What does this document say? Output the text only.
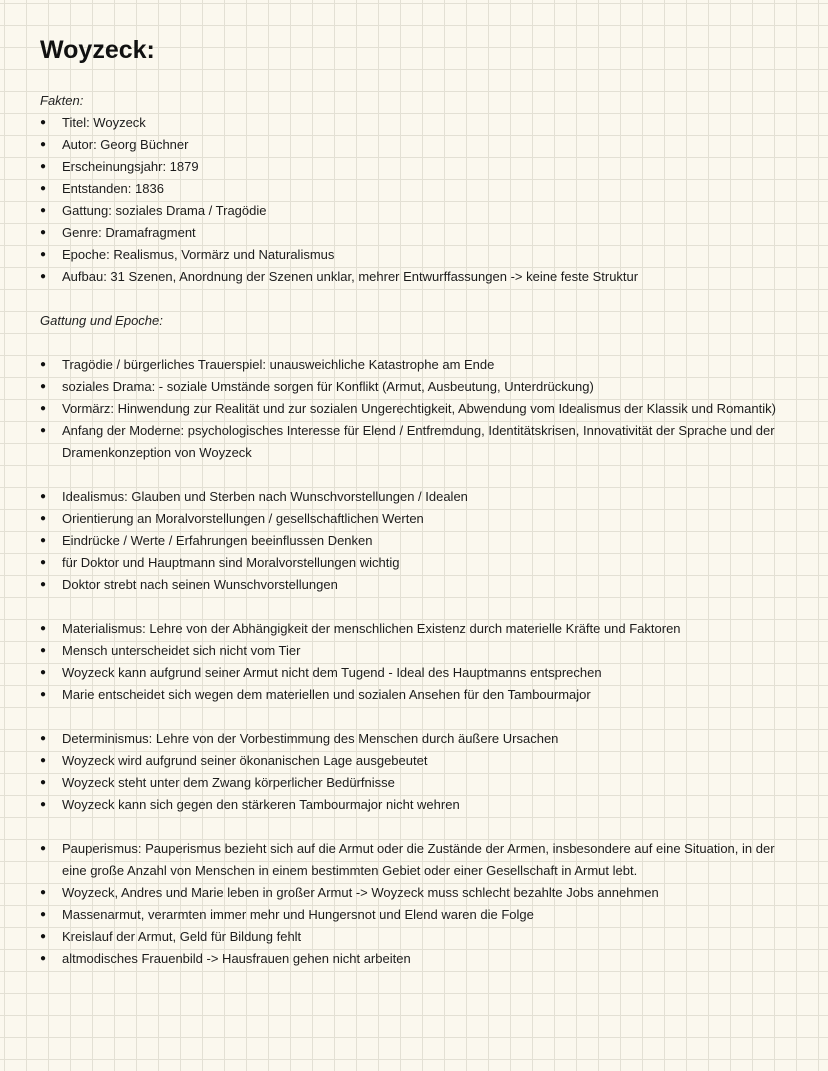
Woyzeck:

Fakten:

● Titel: Woyzeck
● Autor: Georg Büchner
● Erscheinungsjahr: 1879
● Entstanden: 1836
● Gattung: soziales Drama / Tragödie
● Genre: Dramafragment
● Epoche: Realismus, Vormärz und Naturalismus
● Aufbau: 31 Szenen, Anordnung der Szenen unklar, mehrer Entwurffassungen -> keine feste Struktur

Gattung und Epoche:

● Tragödie / bürgerliches Trauerspiel: unausweichliche Katastrophe am Ende
● soziales Drama: - soziale Umstände sorgen für Konflikt (Armut, Ausbeutung, Unterdrückung)
● Vormärz: Hinwendung zur Realität und zur sozialen Ungerechtigkeit, Abwendung vom Idealismus der Klassik und Romantik)
● Anfang der Moderne: psychologisches Interesse für Elend / Entfremdung, Identitätskrisen, Innovativität der Sprache und der Dramenkonzeption von Woyzeck
● Idealismus: Glauben und Sterben nach Wunschvorstellungen / Idealen
● Orientierung an Moralvorstellungen / gesellschaftlichen Werten
● Eindrücke / Werte / Erfahrungen beeinflussen Denken
● für Doktor und Hauptmann sind Moralvorstellungen wichtig
● Doktor strebt nach seinen Wunschvorstellungen
● Materialismus: Lehre von der Abhängigkeit der menschlichen Existenz durch materielle Kräfte und Faktoren
● Mensch unterscheidet sich nicht vom Tier
● Woyzeck kann aufgrund seiner Armut nicht dem Tugend - Ideal des Hauptmanns entsprechen
● Marie entscheidet sich wegen dem materiellen und sozialen Ansehen für den Tambourmajor
● Determinismus: Lehre von der Vorbestimmung des Menschen durch äußere Ursachen
● Woyzeck wird aufgrund seiner ökonanischen Lage ausgebeutet
● Woyzeck steht unter dem Zwang körperlicher Bedürfnisse
● Woyzeck kann sich gegen den stärkeren Tambourmajor nicht wehren
● Pauperismus: Pauperismus bezieht sich auf die Armut oder die Zustände der Armen, insbesondere auf eine Situation, in der eine große Anzahl von Menschen in einem bestimmten Gebiet oder einer Gesellschaft in Armut lebt.
● Woyzeck, Andres und Marie leben in großer Armut -> Woyzeck muss schlecht bezahlte Jobs annehmen
● Massenarmut, verarmten immer mehr und Hungersnot und Elend waren die Folge
● Kreislauf der Armut, Geld für Bildung fehlt
● altmodisches Frauenbild -> Hausfrauen gehen nicht arbeiten
